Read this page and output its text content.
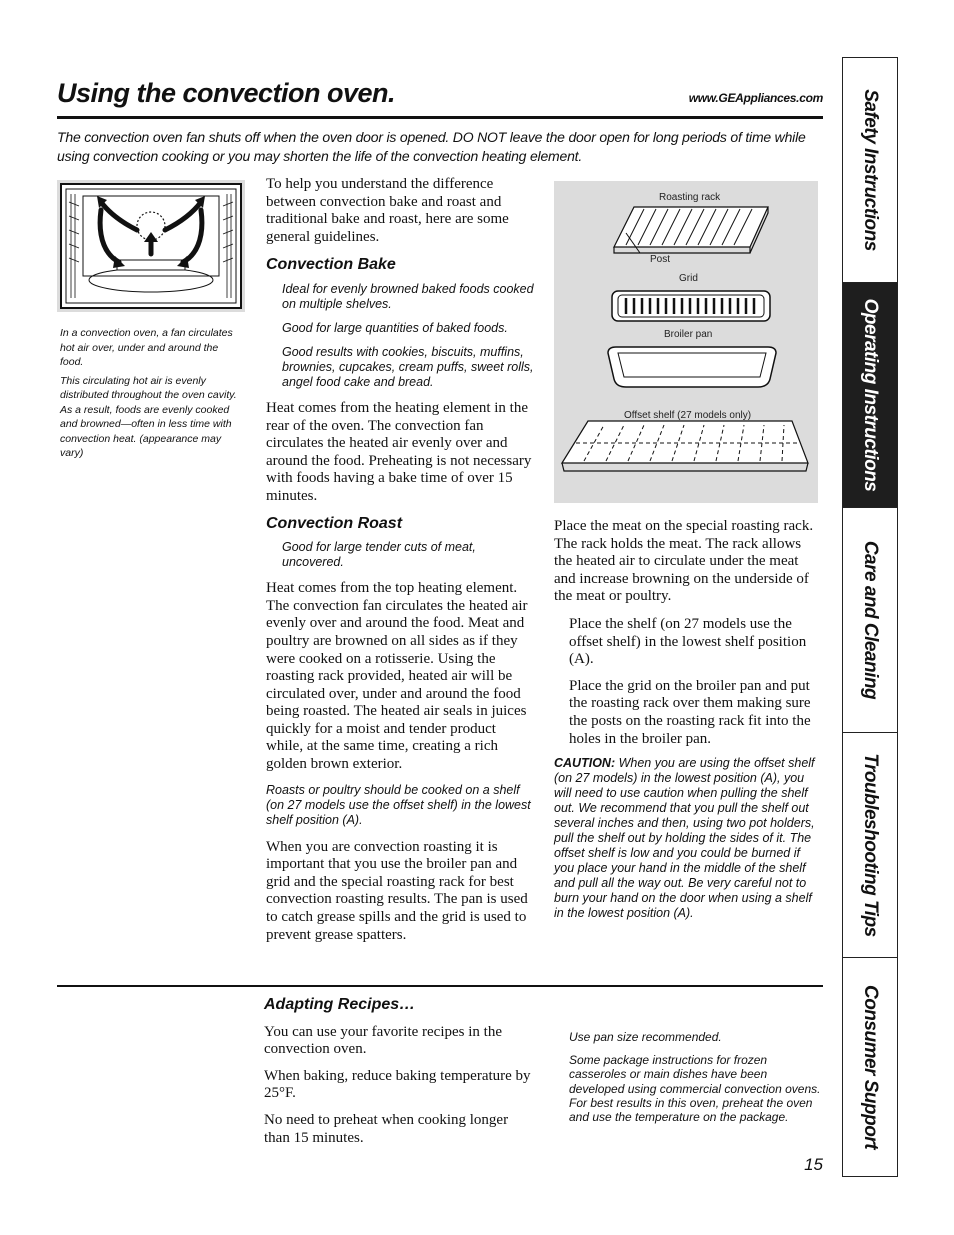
Using the convection oven.	www.GEAppliances.com
The convection oven fan shuts off when the oven door is opened. DO NOT leave the door open for long periods of time while using convection cooking or you may shorten the life of the convection heating element.

In a convection oven, a fan circulates hot air over, under and around the food.

This circulating hot air is evenly distributed throughout the oven cavity. As a result, foods are evenly cooked and browned—often in less time with convection heat. (appearance may vary)

To help you understand the difference between convection bake and roast and traditional bake and roast, here are some general guidelines.

Convection Bake

Ideal for evenly browned baked foods cooked on multiple shelves.

Good for large quantities of baked foods.

Good results with cookies, biscuits, muffins, brownies, cupcakes, cream puffs, sweet rolls, angel food cake and bread.

Heat comes from the heating element in the rear of the oven. The convection fan circulates the heated air evenly over and around the food. Preheating is not necessary with foods having a bake time of over 15 minutes.

Convection Roast
Good for large tender cuts of meat, uncovered.

Heat comes from the top heating element. The convection fan circulates the heated air evenly over and around the food. Meat and poultry are browned on all sides as if they were cooked on a rotisserie. Using the roasting rack provided, heated air will be circulated over, under and around the food being roasted. The heated air seals in juices quickly for a moist and tender product while, at the same time, creating a rich golden brown exterior.

Roasts or poultry should be cooked on a shelf (on 27 models use the offset shelf) in the lowest shelf position (A).

When you are convection roasting it is important that you use the broiler pan and grid and the special roasting rack for best convection roasting results. The pan is used to catch grease spills and the grid is used to prevent grease spatters.

Roasting rack
Post
Grid
Broiler pan
Offset shelf (27 models only)

Place the meat on the special roasting rack. The rack holds the meat. The rack allows the heated air to circulate under the meat and increase browning on the underside of the meat or poultry.

Place the shelf (on 27 models use the offset shelf) in the lowest shelf position (A).

Place the grid on the broiler pan and put the roasting rack over them making sure the posts on the roasting rack fit into the holes in the broiler pan.

CAUTION: When you are using the offset shelf (on 27 models) in the lowest position (A), you will need to use caution when pulling the shelf out. We recommend that you pull the shelf out several inches and then, using two pot holders, pull the shelf out by holding the sides of it. The offset shelf is low and you could be burned if you place your hand in the middle of the shelf and pull all the way out. Be very careful not to burn your hand on the door when using a shelf in the lowest position (A).

Adapting Recipes…

You can use your favorite recipes in the convection oven.

When baking, reduce baking temperature by 25°F.

No need to preheat when cooking longer than 15 minutes.

Use pan size recommended.

Some package instructions for frozen casseroles or main dishes have been developed using commercial convection ovens. For best results in this oven, preheat the oven and use the temperature on the package.

15
Safety Instructions
Operating Instructions
Care and Cleaning
Troubleshooting Tips
Consumer Support
